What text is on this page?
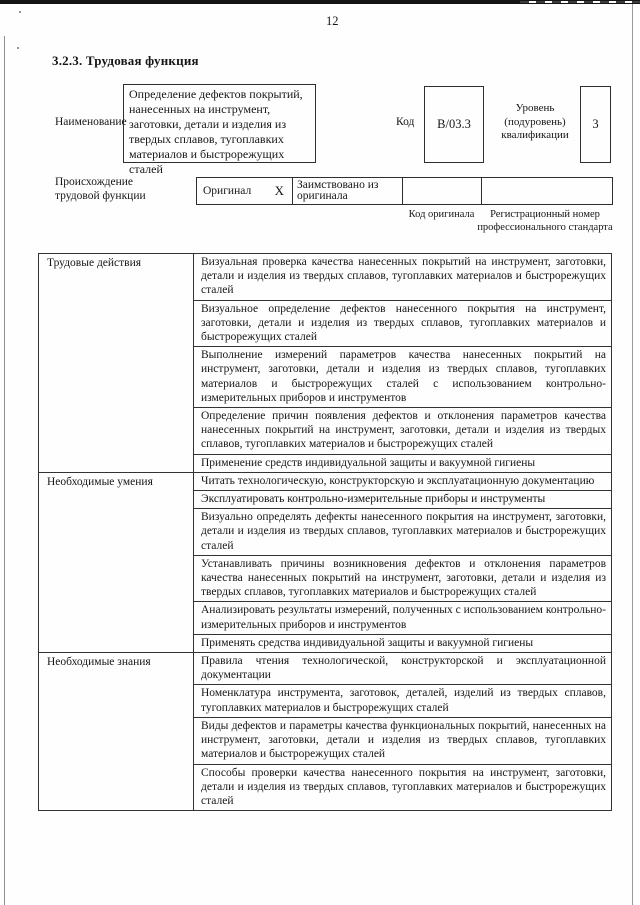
12
3.2.3. Трудовая функция
Наименование
Определение дефектов покрытий, нанесенных на инструмент, заготовки, детали и изделия из твердых сплавов, тугоплавких материалов и быстрорежущих сталей
Код	В/03.3
Уровень (подуровень) квалификации
3
Происхождение трудовой функции	Оригинал X	Заимствовано из оригинала		
Код оригинала	Регистрационный номер профессионального стандарта
Трудовые действия	Визуальная проверка качества нанесенных покрытий на инструмент, заготовки, детали и изделия из твердых сплавов, тугоплавких материалов и быстрорежущих сталей
	Визуальное определение дефектов нанесенного покрытия на инструмент, заготовки, детали и изделия из твердых сплавов, тугоплавких материалов и быстрорежущих сталей
	Выполнение измерений параметров качества нанесенных покрытий на инструмент, заготовки, детали и изделия из твердых сплавов, тугоплавких материалов и быстрорежущих сталей с использованием контрольно-измерительных приборов и инструментов
	Определение причин появления дефектов и отклонения параметров качества нанесенных покрытий на инструмент, заготовки, детали и изделия из твердых сплавов, тугоплавких материалов и быстрорежущих сталей
	Применение средств индивидуальной защиты и вакуумной гигиены
Необходимые умения	Читать технологическую, конструкторскую и эксплуатационную документацию
	Эксплуатировать контрольно-измерительные приборы и инструменты
	Визуально определять дефекты нанесенного покрытия на инструмент, заготовки, детали и изделия из твердых сплавов, тугоплавких материалов и быстрорежущих сталей
	Устанавливать причины возникновения дефектов и отклонения параметров качества нанесенных покрытий на инструмент, заготовки, детали и изделия из твердых сплавов, тугоплавких материалов и быстрорежущих сталей
	Анализировать результаты измерений, полученных с использованием контрольно-измерительных приборов и инструментов
	Применять средства индивидуальной защиты и вакуумной гигиены
Необходимые знания	Правила чтения технологической, конструкторской и эксплуатационной документации
	Номенклатура инструмента, заготовок, деталей, изделий из твердых сплавов, тугоплавких материалов и быстрорежущих сталей
	Виды дефектов и параметры качества функциональных покрытий, нанесенных на инструмент, заготовки, детали и изделия из твердых сплавов, тугоплавких материалов и быстрорежущих сталей
	Способы проверки качества нанесенного покрытия на инструмент, заготовки, детали и изделия из твердых сплавов, тугоплавких материалов и быстрорежущих сталей
